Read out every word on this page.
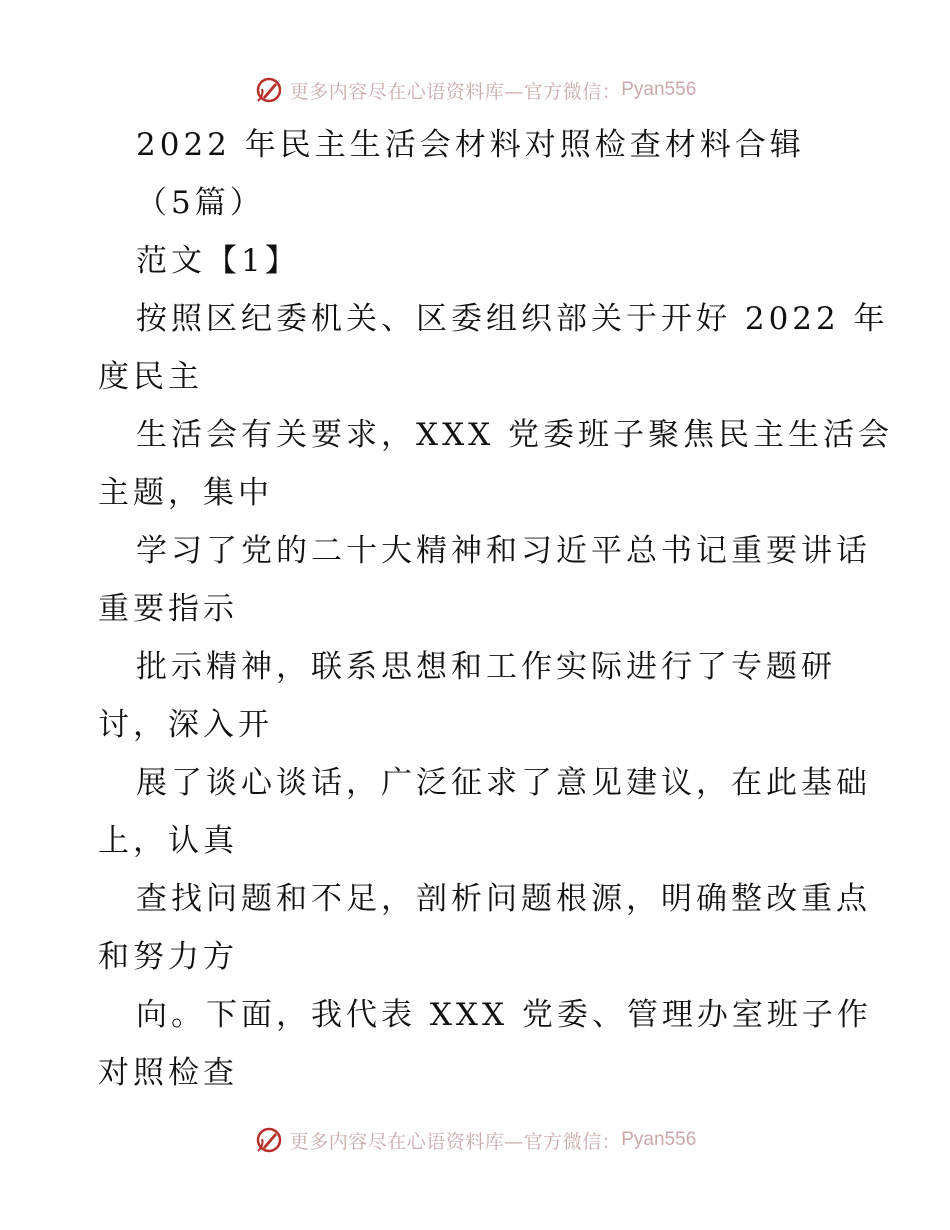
更多内容尽在心语资料库—官方微信： Pyan556
2022 年民主生活会材料对照检查材料合辑
（5篇）
范文【1】
按照区纪委机关、区委组织部关于开好 2022 年
度民主
生活会有关要求，XXX 党委班子聚焦民主生活会
主题，集中
学习了党的二十大精神和习近平总书记重要讲话
重要指示
批示精神，联系思想和工作实际进行了专题研
讨，深入开
展了谈心谈话，广泛征求了意见建议，在此基础
上，认真
查找问题和不足，剖析问题根源，明确整改重点
和努力方
向。下面，我代表 XXX 党委、管理办室班子作
对照检查
更多内容尽在心语资料库—官方微信： Pyan556
